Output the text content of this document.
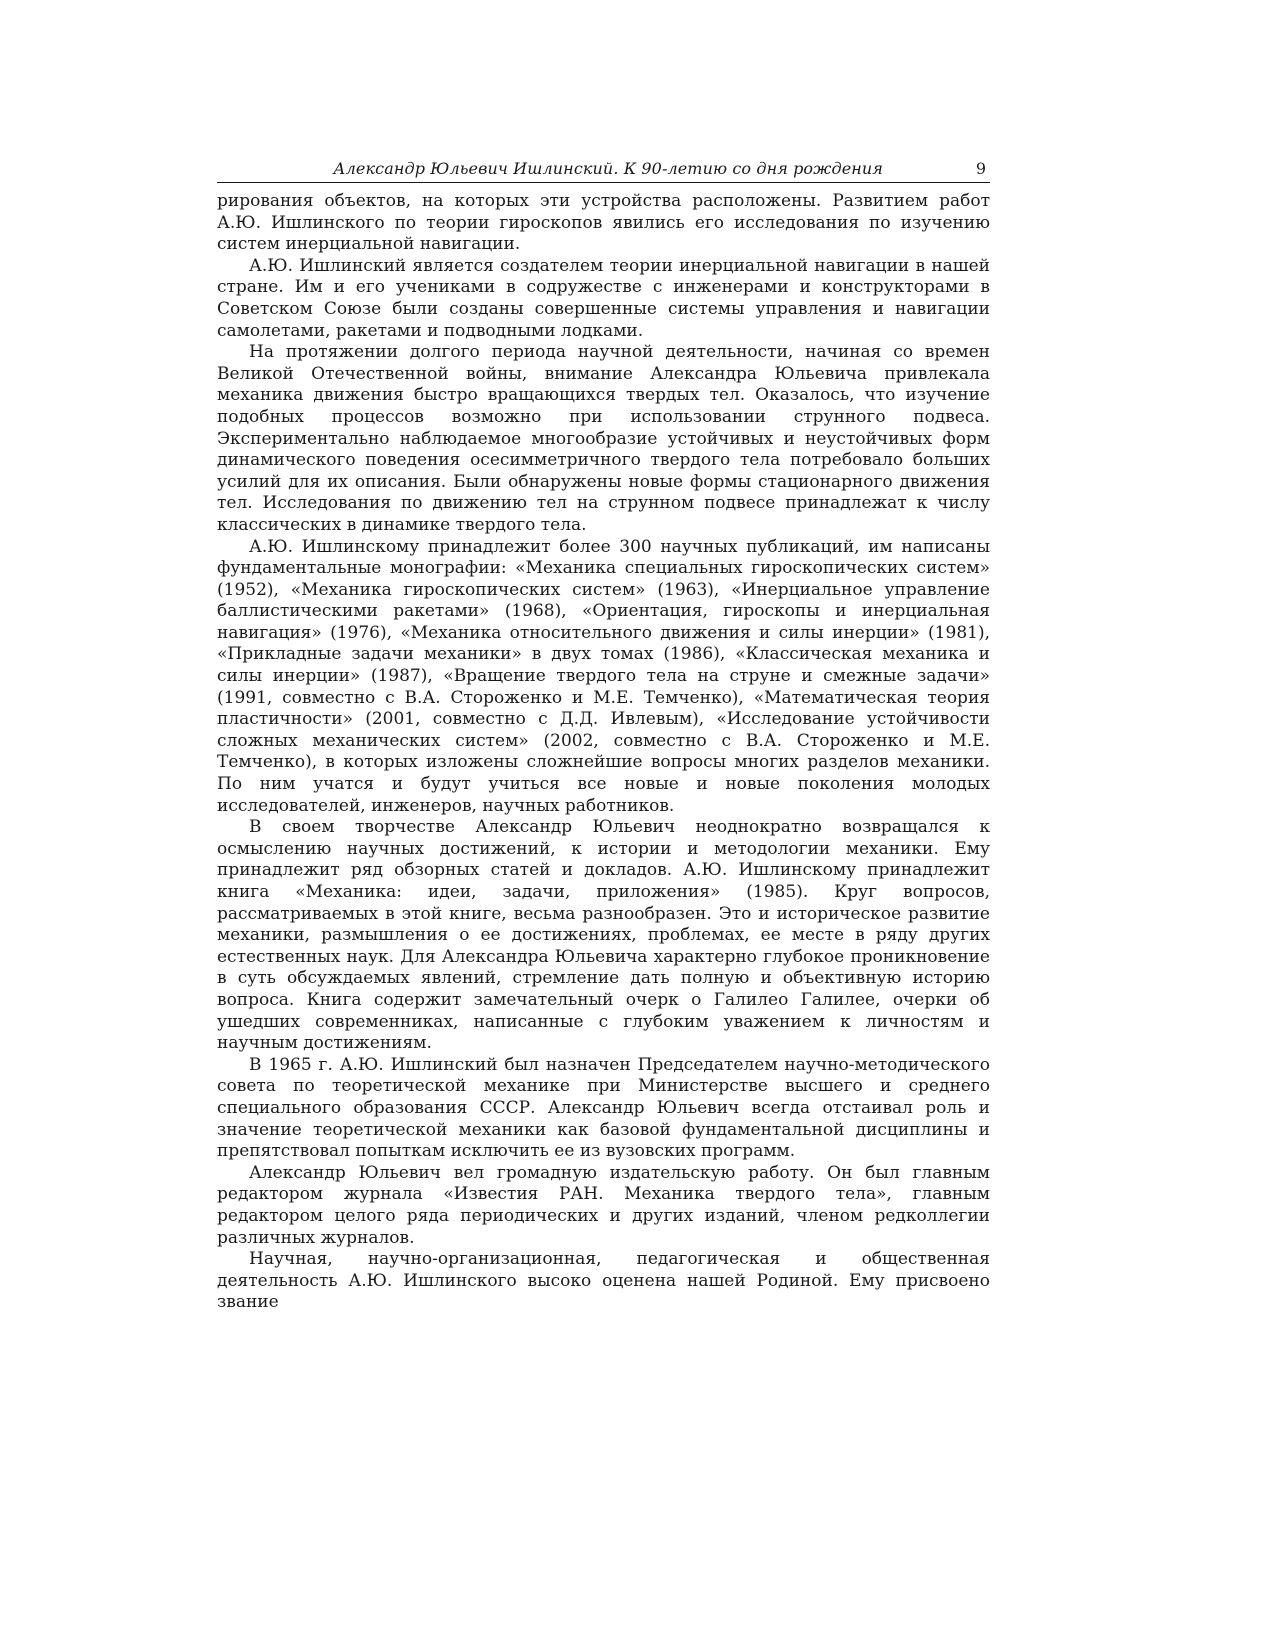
Александр Юльевич Ишлинский. К 90-летию со дня рождения	9

рирования объектов, на которых эти устройства расположены. Развитием работ А.Ю. Ишлинского по теории гироскопов явились его исследования по изучению систем инерциальной навигации.

А.Ю. Ишлинский является создателем теории инерциальной навигации в нашей стране. Им и его учениками в содружестве с инженерами и конструкторами в Советском Союзе были созданы совершенные системы управления и навигации самолетами, ракетами и подводными лодками.

На протяжении долгого периода научной деятельности, начиная со времен Великой Отечественной войны, внимание Александра Юльевича привлекала механика движения быстро вращающихся твердых тел. Оказалось, что изучение подобных процессов возможно при использовании струнного подвеса. Экспериментально наблюдаемое многообразие устойчивых и неустойчивых форм динамического поведения осесимметричного твердого тела потребовало больших усилий для их описания. Были обнаружены новые формы стационарного движения тел. Исследования по движению тел на струнном подвесе принадлежат к числу классических в динамике твердого тела.

А.Ю. Ишлинскому принадлежит более 300 научных публикаций, им написаны фундаментальные монографии: «Механика специальных гироскопических систем» (1952), «Механика гироскопических систем» (1963), «Инерциальное управление баллистическими ракетами» (1968), «Ориентация, гироскопы и инерциальная навигация» (1976), «Механика относительного движения и силы инерции» (1981), «Прикладные задачи механики» в двух томах (1986), «Классическая механика и силы инерции» (1987), «Вращение твердого тела на струне и смежные задачи» (1991, совместно с В.А. Стороженко и М.Е. Темченко), «Математическая теория пластичности» (2001, совместно с Д.Д. Ивлевым), «Исследование устойчивости сложных механических систем» (2002, совместно с В.А. Стороженко и М.Е. Темченко), в которых изложены сложнейшие вопросы многих разделов механики. По ним учатся и будут учиться все новые и новые поколения молодых исследователей, инженеров, научных работников.

В своем творчестве Александр Юльевич неоднократно возвращался к осмыслению научных достижений, к истории и методологии механики. Ему принадлежит ряд обзорных статей и докладов. А.Ю. Ишлинскому принадлежит книга «Механика: идеи, задачи, приложения» (1985). Круг вопросов, рассматриваемых в этой книге, весьма разнообразен. Это и историческое развитие механики, размышления о ее достижениях, проблемах, ее месте в ряду других естественных наук. Для Александра Юльевича характерно глубокое проникновение в суть обсуждаемых явлений, стремление дать полную и объективную историю вопроса. Книга содержит замечательный очерк о Галилео Галилее, очерки об ушедших современниках, написанные с глубоким уважением к личностям и научным достижениям.

В 1965 г. А.Ю. Ишлинский был назначен Председателем научно-методического совета по теоретической механике при Министерстве высшего и среднего специального образования СССР. Александр Юльевич всегда отстаивал роль и значение теоретической механики как базовой фундаментальной дисциплины и препятствовал попыткам исключить ее из вузовских программ.

Александр Юльевич вел громадную издательскую работу. Он был главным редактором журнала «Известия РАН. Механика твердого тела», главным редактором целого ряда периодических и других изданий, членом редколлегии различных журналов.

Научная, научно-организационная, педагогическая и общественная деятельность А.Ю. Ишлинского высоко оценена нашей Родиной. Ему присвоено звание
